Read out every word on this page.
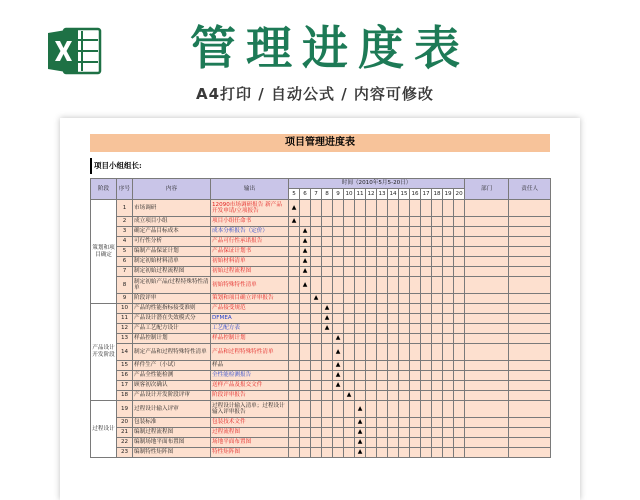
管理进度表
A4打印 / 自动公式 / 内容可修改
项目管理进度表
项目小组组长:
阶段	序号	内容	输出	时间（2010年5月5-20日）																部门	责任人
				5	6	7	8	9	10	11	12	13	14	15	16	17	18	19	20		
策划和项目确定	1	市场调研	12090市场调研报告 新产品开发申请/立项报告	▲																	
	2	成立项目小组	项目小组任命书	▲																	
	3	确定产品目标成本	成本分析报告（定价）		▲																
	4	可行性分析	产品可行性承诺报告		▲																
	5	编制产品保证计划	产品保证计划书		▲																
	6	制定初始材料清单	初始材料清单		▲																
	7	制定初始过程流程图	初始过程流程图		▲																
	8	制定初始产品/过程特殊特性清单	初始特殊特性清单		▲																
	9	阶段评审	策划和项目确立评审报告			▲															
产品设计开发阶段	10	产品的性能指标接受准则	产品接受规范				▲														
	11	产品设计潜在失效模式分	DFMEA				▲														
	12	产品工艺配方设计	工艺配方表				▲														
	13	样品控制计划	样品控制计划					▲													
	14	制定产品和过程特殊特性清单	产品和过程特殊特性清单					▲													
	15	样件生产（小试）	样品					▲													
	16	产品全性能检测	全性能检测报告					▲													
	17	顾客初次确认	送样产品及报交文件					▲													
	18	产品设计开发阶段评审	阶段评审报告						▲												
过程设计	19	过程设计输入评审	过程设计输入清单；过程设计输入评审报告							▲											
	20	包装标准	包装技术文件							▲											
	21	编制过程流程图	过程流程图							▲											
	22	编制场地平面布置图	场地平面布置图							▲											
	23	编制特性矩阵图	特性矩阵图							▲											
